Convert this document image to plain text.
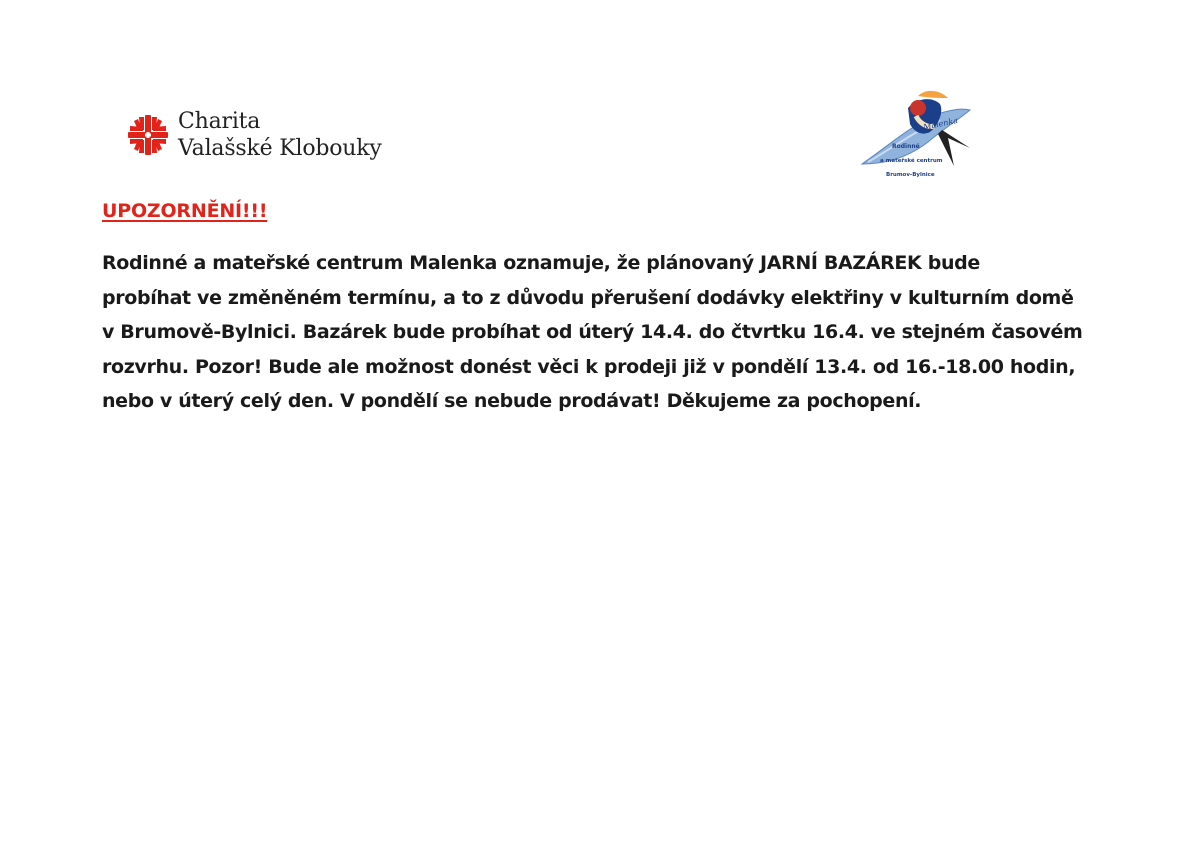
Charita
Valašské Klobouky
Malenka
Rodinné
a mateřské centrum
Brumov-Bylnice
UPOZORNĚNÍ!!!
Rodinné a mateřské centrum Malenka oznamuje, že plánovaný JARNÍ BAZÁREK bude
probíhat ve změněném termínu, a to z důvodu přerušení dodávky elektřiny v kulturním domě
v Brumově-Bylnici. Bazárek bude probíhat od úterý 14.4. do čtvrtku 16.4. ve stejném časovém
rozvrhu. Pozor! Bude ale možnost donést věci k prodeji již v pondělí 13.4. od 16.-18.00 hodin,
nebo v úterý celý den. V pondělí se nebude prodávat! Děkujeme za pochopení.
